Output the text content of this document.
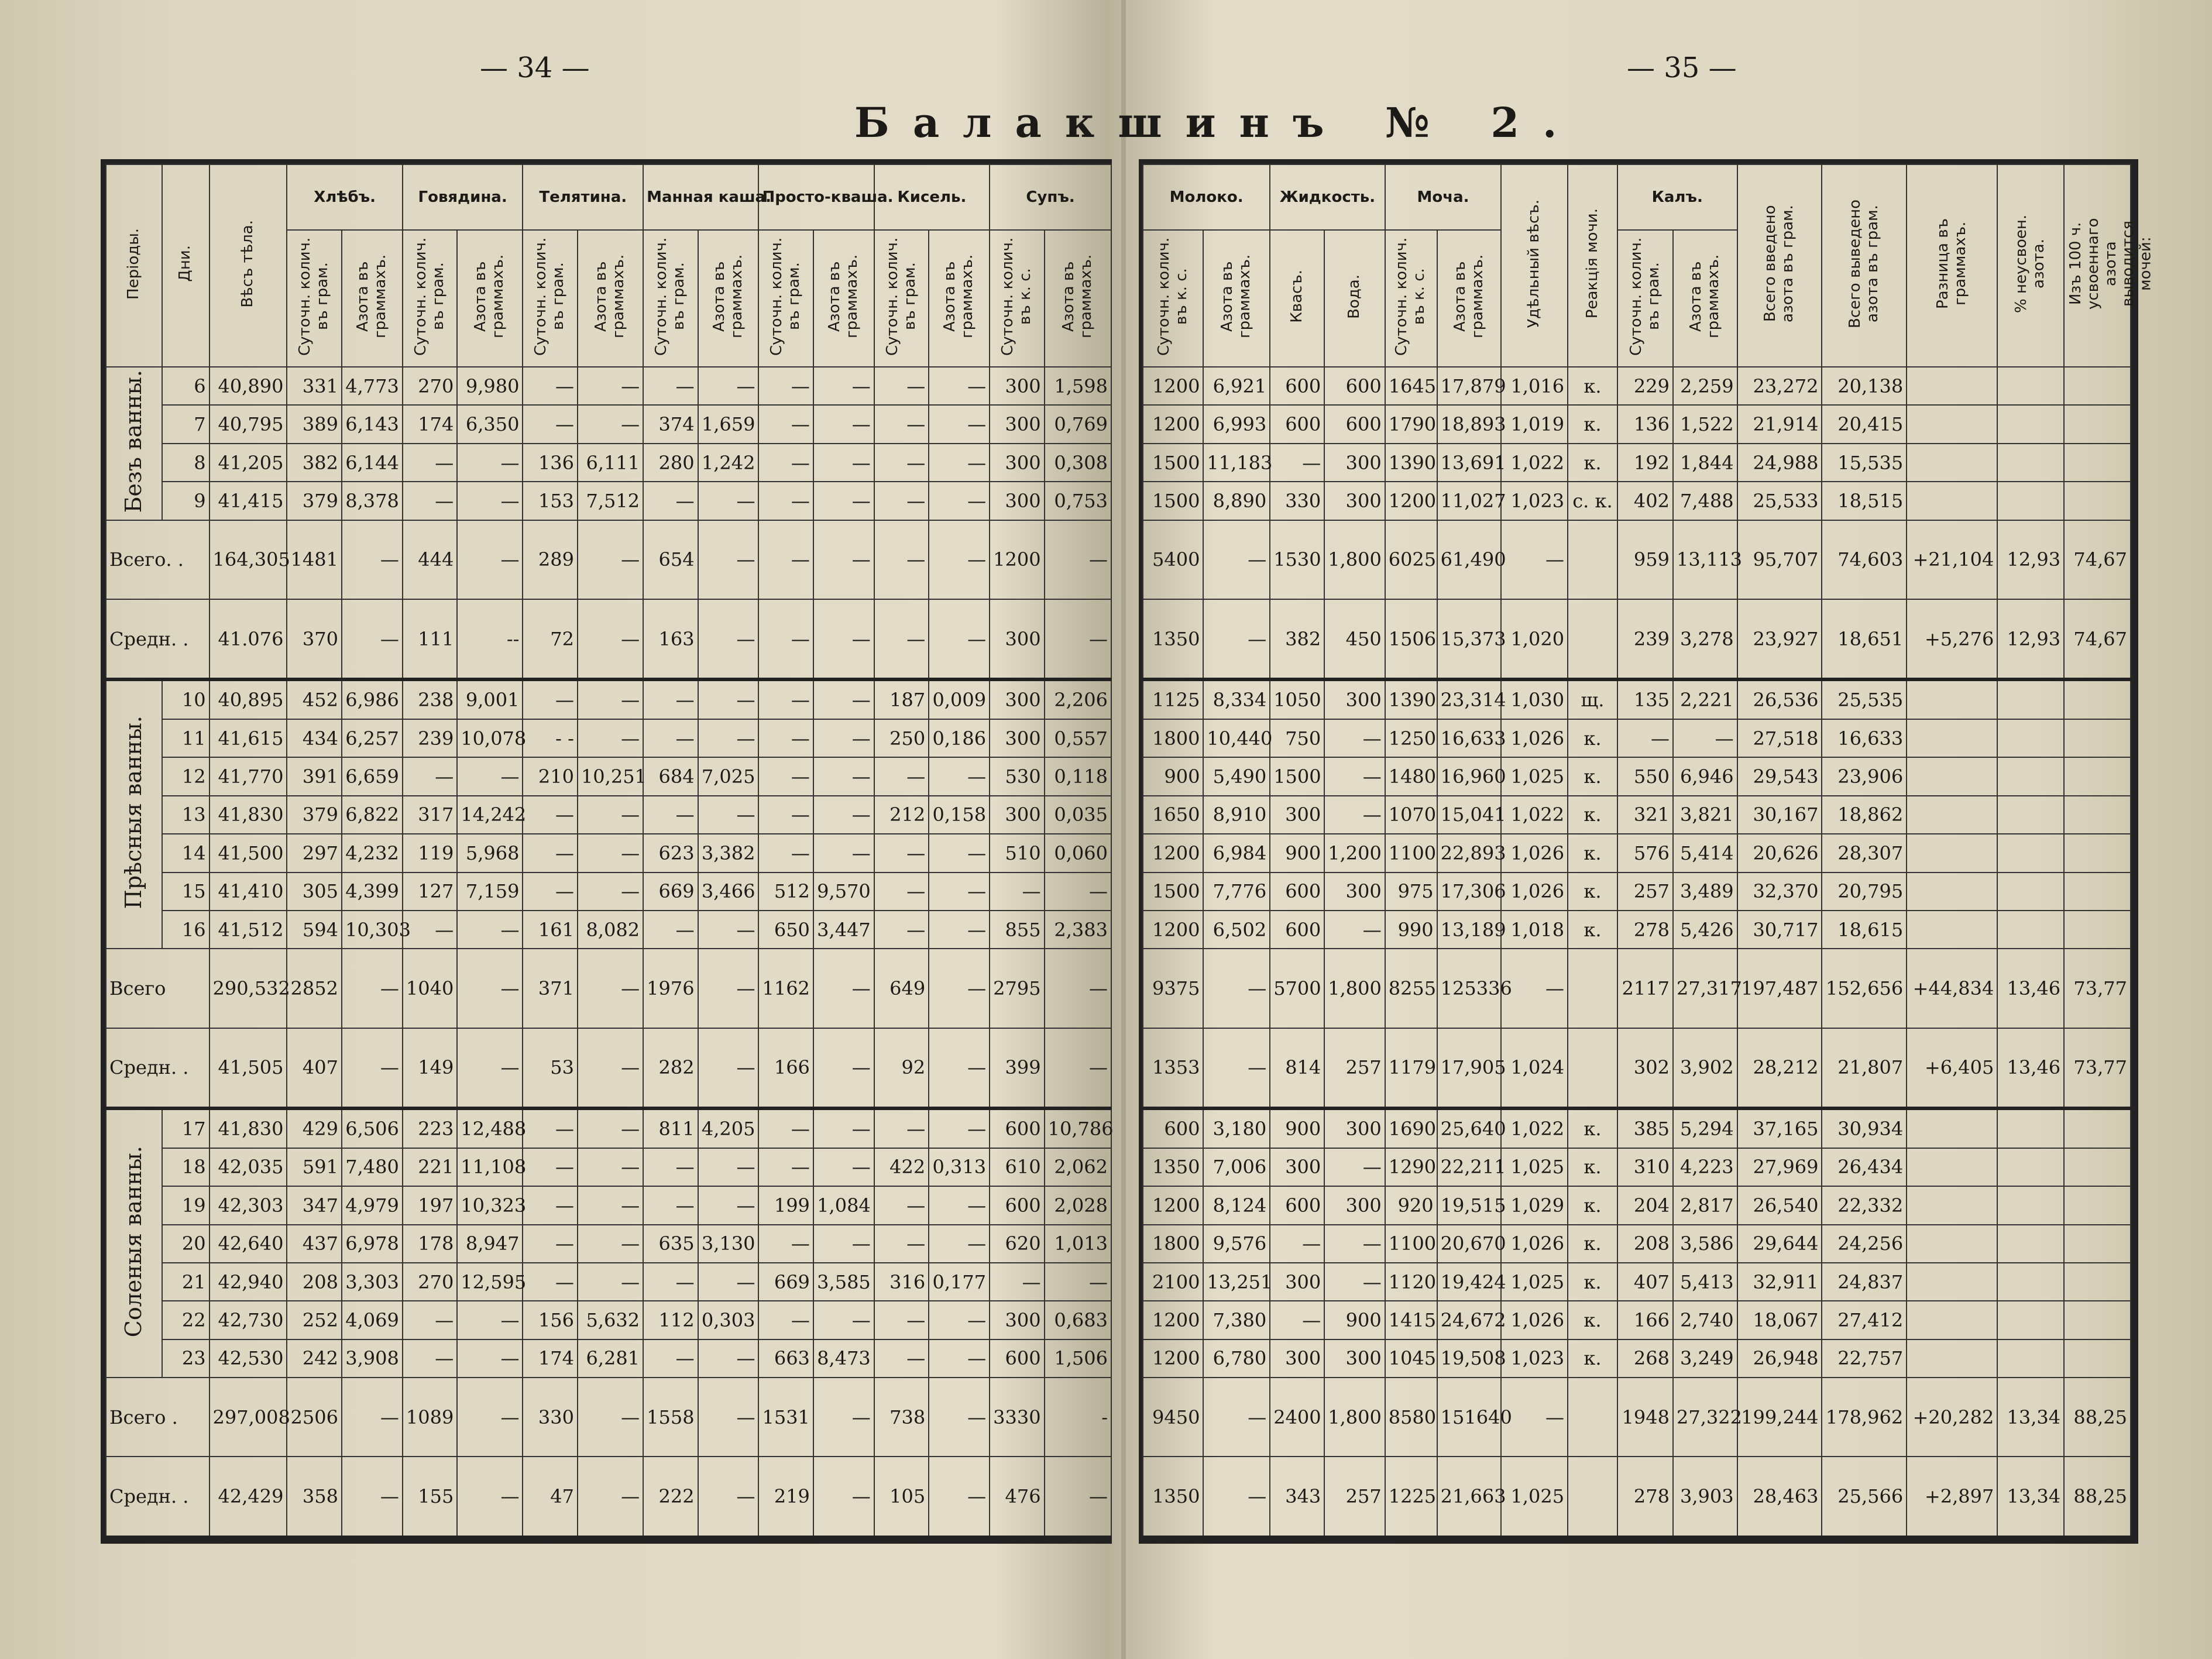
— 34 —	— 35 —
Балакшинъ № 2.
Періоды.	Дни.	Вѣсъ тѣла.	Хлѣбъ.		Говядина.		Телятина.		Манная каша.		Просто-кваша.		Кисель.		Супъ.	
			Суточн. колич. въ грам.	Азота въ граммахъ.	Суточн. колич. въ грам.	Азота въ граммахъ.	Суточн. колич. въ грам.	Азота въ граммахъ.	Суточн. колич. въ грам.	Азота въ граммахъ.	Суточн. колич. въ грам.	Азота въ граммахъ.	Суточн. колич. въ грам.	Азота въ граммахъ.	Суточн. колич. въ к. с.	Азота въ граммахъ.
Безъ ванны.	6	40,890	331	4,773	270	9,980	—	—	—	—	—	—	—	—	300	1,598
	7	40,795	389	6,143	174	6,350	—	—	374	1,659	—	—	—	—	300	0,769
	8	41,205	382	6,144	—	—	136	6,111	280	1,242	—	—	—	—	300	0,308
	9	41,415	379	8,378	—	—	153	7,512	—	—	—	—	—	—	300	0,753
Всего. .		164,305	1481	—	444	—	289	—	654	—	—	—	—	—	1200	—
Средн. .		41.076	370	—	111	--	72	—	163	—	—	—	—	—	300	—
Прѣсныя ванны.	10	40,895	452	6,986	238	9,001	—	—	—	—	—	—	187	0,009	300	2,206
	11	41,615	434	6,257	239	10,078	- -	—	—	—	—	—	250	0,186	300	0,557
	12	41,770	391	6,659	—	—	210	10,251	684	7,025	—	—	—	—	530	0,118
	13	41,830	379	6,822	317	14,242	—	—	—	—	—	—	212	0,158	300	0,035
	14	41,500	297	4,232	119	5,968	—	—	623	3,382	—	—	—	—	510	0,060
	15	41,410	305	4,399	127	7,159	—	—	669	3,466	512	9,570	—	—	—	—
	16	41,512	594	10,303	—	—	161	8,082	—	—	650	3,447	—	—	855	2,383
Всего		290,532	2852	—	1040	—	371	—	1976	—	1162	—	649	—	2795	—
Средн. .		41,505	407	—	149	—	53	—	282	—	166	—	92	—	399	—
Соленыя ванны.	17	41,830	429	6,506	223	12,488	—	—	811	4,205	—	—	—	—	600	10,786
	18	42,035	591	7,480	221	11,108	—	—	—	—	—	—	422	0,313	610	2,062
	19	42,303	347	4,979	197	10,323	—	—	—	—	199	1,084	—	—	600	2,028
	20	42,640	437	6,978	178	8,947	—	—	635	3,130	—	—	—	—	620	1,013
	21	42,940	208	3,303	270	12,595	—	—	—	—	669	3,585	316	0,177	—	—
	22	42,730	252	4,069	—	—	156	5,632	112	0,303	—	—	—	—	300	0,683
	23	42,530	242	3,908	—	—	174	6,281	—	—	663	8,473	—	—	600	1,506
Всего .		297,008	2506	—	1089	—	330	—	1558	—	1531	—	738	—	3330	-
Средн. .		42,429	358	—	155	—	47	—	222	—	219	—	105	—	476	—
Молоко.		Жидкость.		Моча.		Удѣльный вѣсъ.	Реакція мочи.	Калъ.		Всего введено азота въ грам.	Всего выведено азота въ грам.	Разница въ граммахъ.	% неусвоен. азота.	Изъ 100 ч. усвоеннаго азота выводится мочей:
Суточн. колич. въ к. с.	Азота въ граммахъ.	Квасъ.	Вода.	Суточн. колич. въ к. с.	Азота въ граммахъ.			Суточн. колич. въ грам.	Азота въ граммахъ.					
1200	6,921	600	600	1645	17,879	1,016	к.	229	2,259	23,272	20,138			
1200	6,993	600	600	1790	18,893	1,019	к.	136	1,522	21,914	20,415			
1500	11,183	—	300	1390	13,691	1,022	к.	192	1,844	24,988	15,535			
1500	8,890	330	300	1200	11,027	1,023	с. к.	402	7,488	25,533	18,515			
5400	—	1530	1,800	6025	61,490	—		959	13,113	95,707	74,603	+21,104	12,93	74,67
1350	—	382	450	1506	15,373	1,020		239	3,278	23,927	18,651	+5,276	12,93	74,67
1125	8,334	1050	300	1390	23,314	1,030	щ.	135	2,221	26,536	25,535			
1800	10,440	750	—	1250	16,633	1,026	к.	—	—	27,518	16,633			
900	5,490	1500	—	1480	16,960	1,025	к.	550	6,946	29,543	23,906			
1650	8,910	300	—	1070	15,041	1,022	к.	321	3,821	30,167	18,862			
1200	6,984	900	1,200	1100	22,893	1,026	к.	576	5,414	20,626	28,307			
1500	7,776	600	300	975	17,306	1,026	к.	257	3,489	32,370	20,795			
1200	6,502	600	—	990	13,189	1,018	к.	278	5,426	30,717	18,615			
9375	—	5700	1,800	8255	125336	—		2117	27,317	197,487	152,656	+44,834	13,46	73,77
1353	—	814	257	1179	17,905	1,024		302	3,902	28,212	21,807	+6,405	13,46	73,77
600	3,180	900	300	1690	25,640	1,022	к.	385	5,294	37,165	30,934			
1350	7,006	300	—	1290	22,211	1,025	к.	310	4,223	27,969	26,434			
1200	8,124	600	300	920	19,515	1,029	к.	204	2,817	26,540	22,332			
1800	9,576	—	—	1100	20,670	1,026	к.	208	3,586	29,644	24,256			
2100	13,251	300	—	1120	19,424	1,025	к.	407	5,413	32,911	24,837			
1200	7,380	—	900	1415	24,672	1,026	к.	166	2,740	18,067	27,412			
1200	6,780	300	300	1045	19,508	1,023	к.	268	3,249	26,948	22,757			
9450	—	2400	1,800	8580	151640	—		1948	27,322	199,244	178,962	+20,282	13,34	88,25
1350	—	343	257	1225	21,663	1,025		278	3,903	28,463	25,566	+2,897	13,34	88,25
